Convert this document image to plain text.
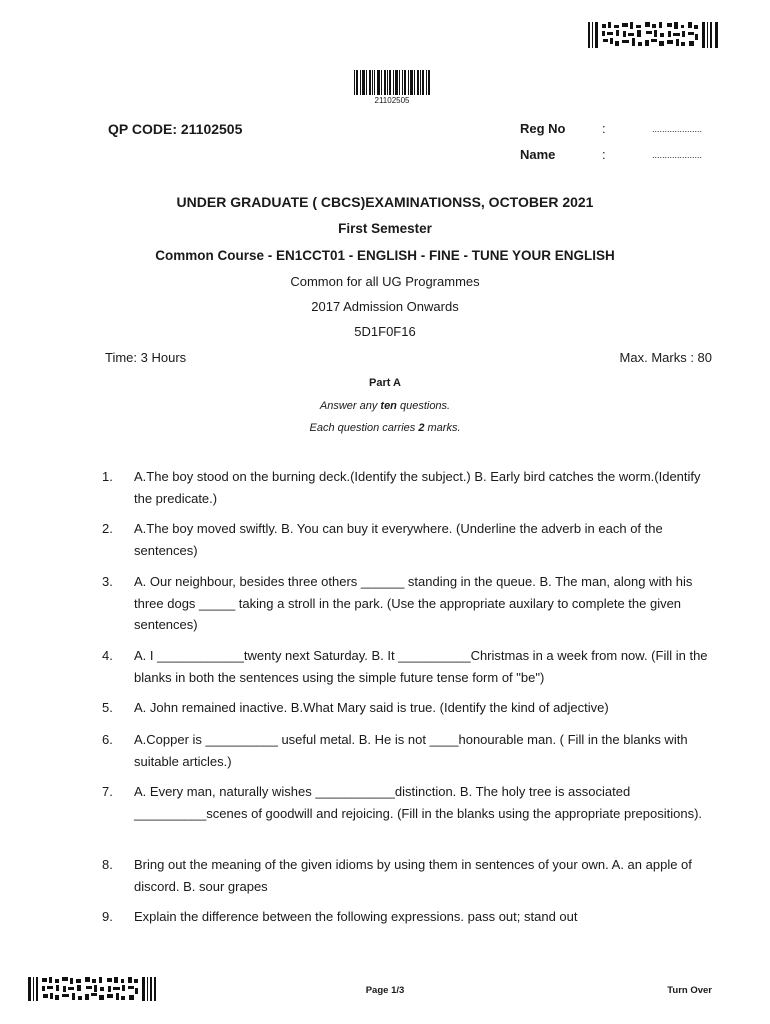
21102505
QP CODE: 21102505	Reg No	:	....................
Name	:	....................
UNDER GRADUATE ( CBCS)EXAMINATIONSS, OCTOBER 2021
First Semester
Common Course - EN1CCT01 - ENGLISH - FINE - TUNE YOUR ENGLISH
Common for all UG Programmes
2017 Admission Onwards
5D1F0F16
Time: 3 Hours	Max. Marks : 80
Part A
Answer any ten questions.
Each question carries 2 marks.
1. A.The boy stood on the burning deck.(Identify the subject.) B. Early bird catches the worm.(Identify the predicate.)
2. A.The boy moved swiftly. B. You can buy it everywhere. (Underline the adverb in each of the sentences)
3. A. Our neighbour, besides three others ______ standing in the queue. B. The man, along with his three dogs _____ taking a stroll in the park. (Use the appropriate auxilary to complete the given sentences)
4. A. I ____________twenty next Saturday. B. It __________Christmas in a week from now. (Fill in the blanks in both the sentences using the simple future tense form of "be")
5. A. John remained inactive. B.What Mary said is true. (Identify the kind of adjective)
6. A.Copper is __________ useful metal. B. He is not ____honourable man. ( Fill in the blanks with suitable articles.)
7. A. Every man, naturally wishes ___________distinction. B. The holy tree is associated __________scenes of goodwill and rejoicing. (Fill in the blanks using the appropriate prepositions).
8. Bring out the meaning of the given idioms by using them in sentences of your own. A. an apple of discord. B. sour grapes
9. Explain the difference between the following expressions. pass out; stand out
Page 1/3	Turn Over
